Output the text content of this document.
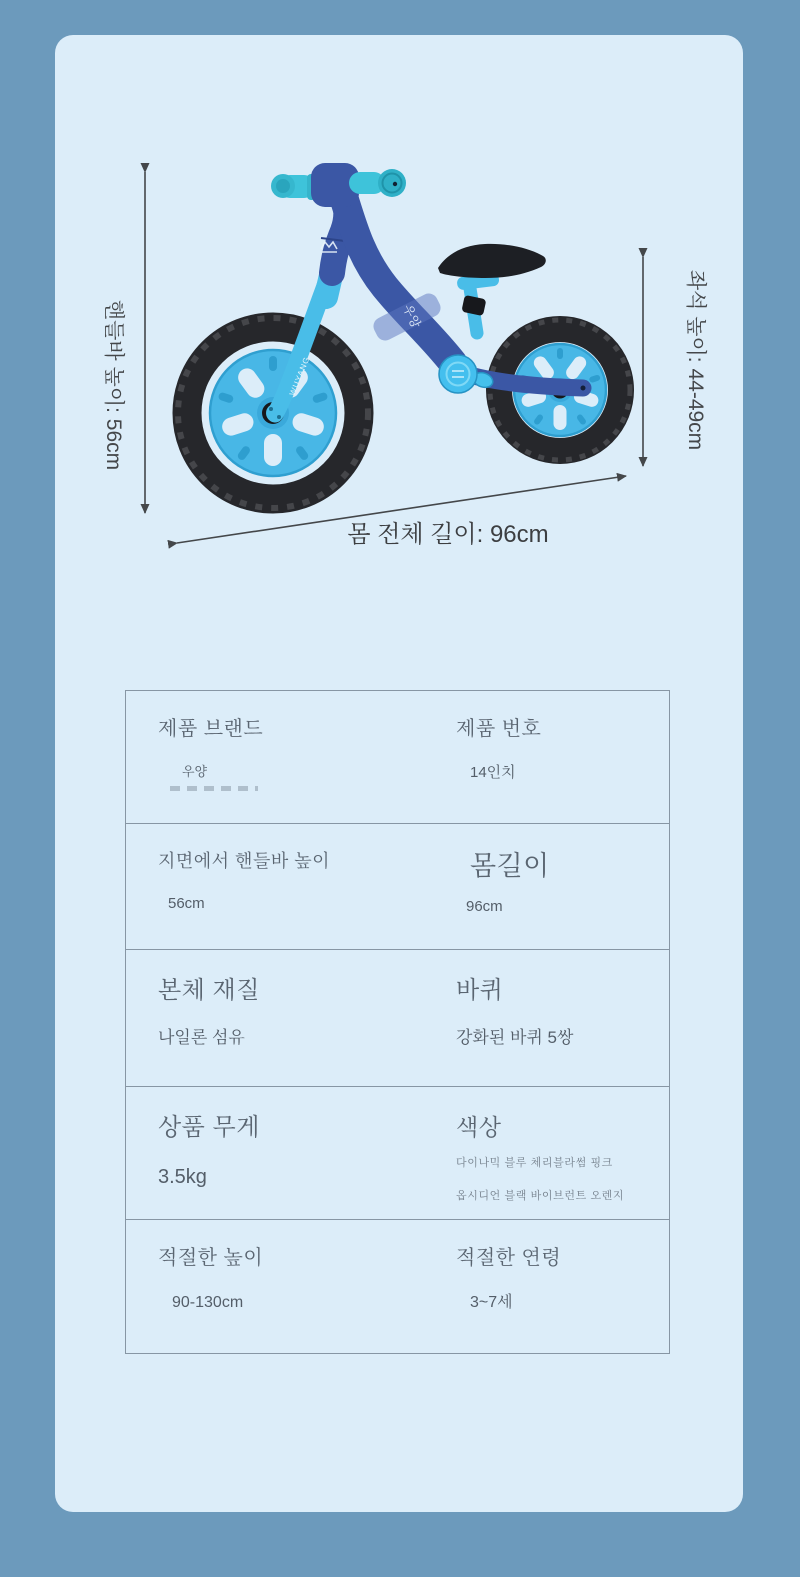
WUYANG
우앙
핸들바 높이: 56cm	좌석 높이: 44-49cm
몸 전체 길이: 96cm
제품 브랜드
우양
제품 번호
14인치
지면에서 핸들바 높이
56cm
몸길이
96cm
본체 재질
나일론 섬유
바퀴
강화된 바퀴 5쌍
상품 무게
3.5kg
색상
다이나믹 블루 체리블라썸 핑크
옵시디언 블랙 바이브런트 오렌지
적절한 높이
90-130cm
적절한 연령
3~7세
